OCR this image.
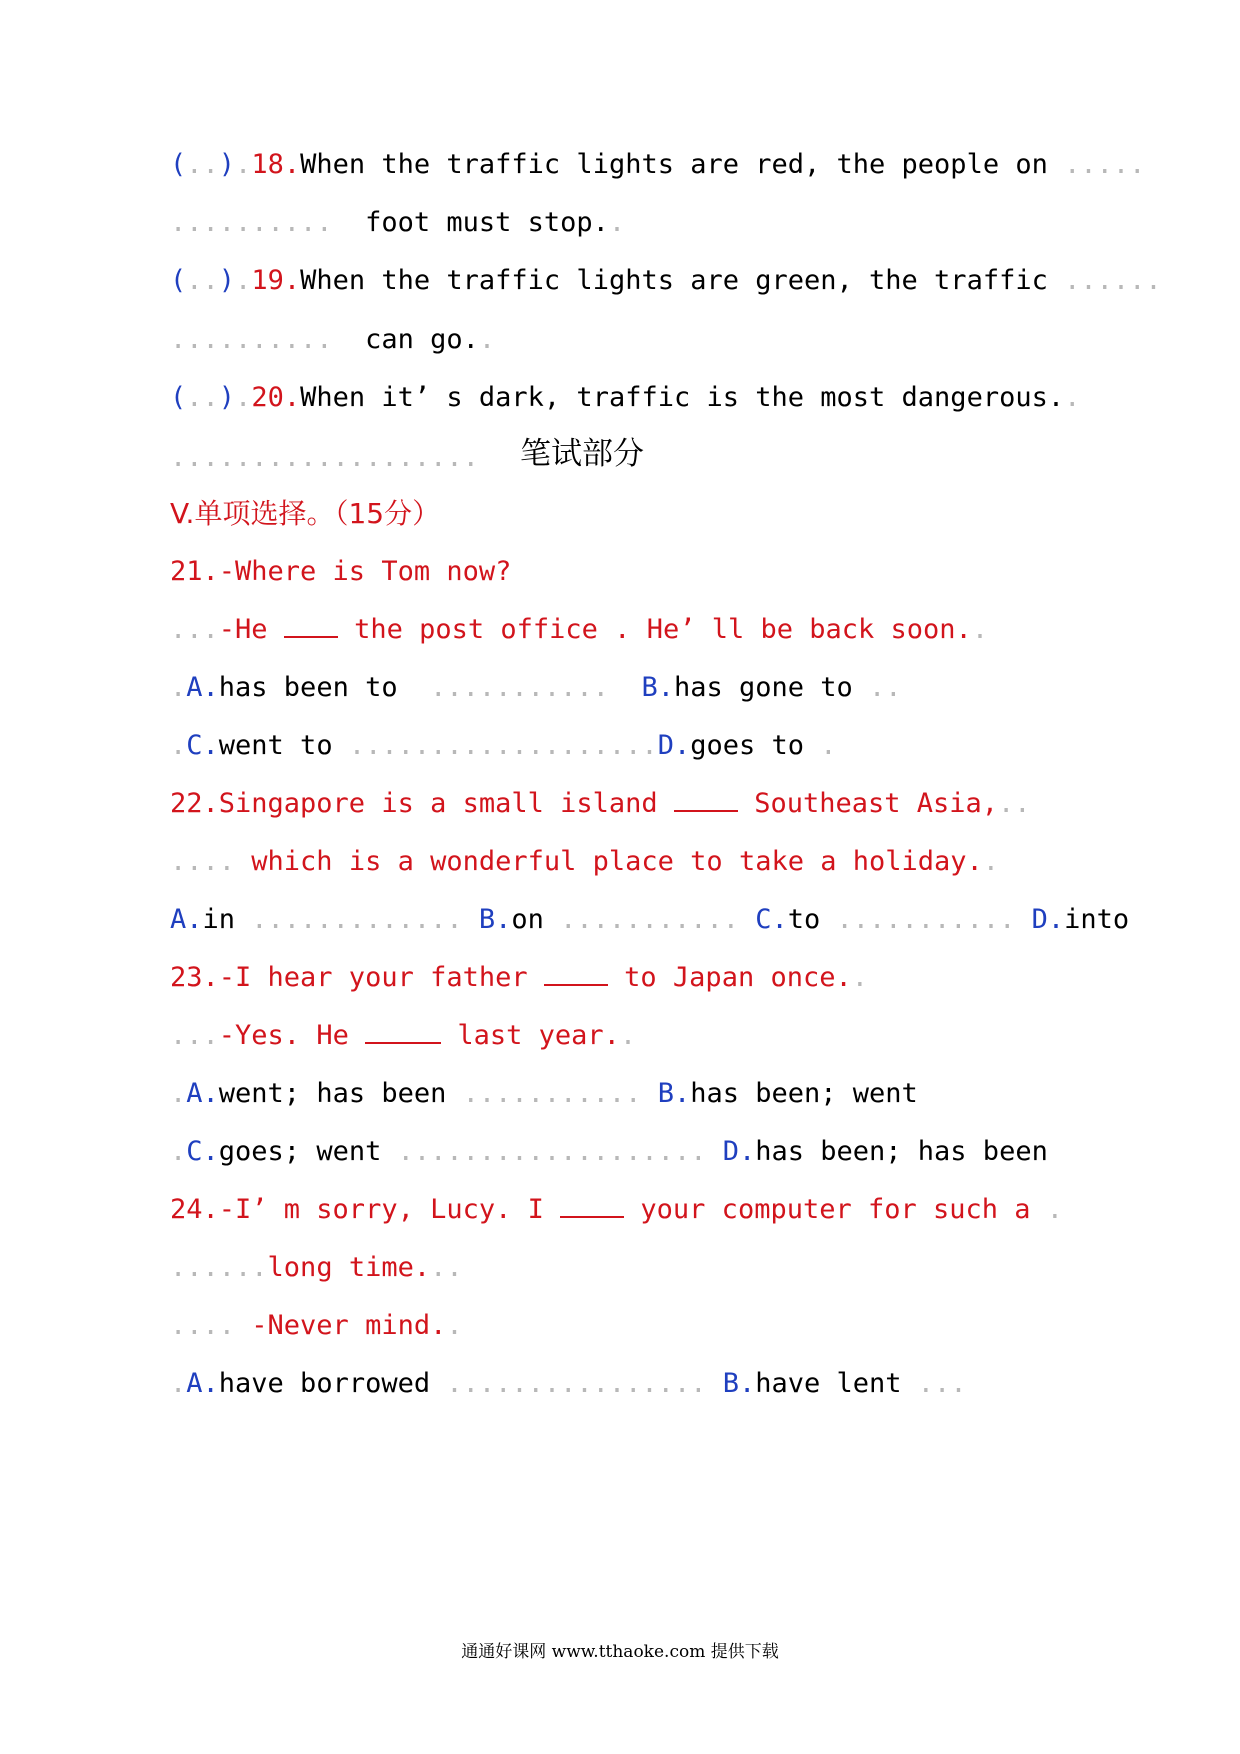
(..).18.When the traffic lights are red, the people on .....
..........  foot must stop..
(..).19.When the traffic lights are green, the traffic ......
..........  can go..
(..).20.When it’ s dark, traffic is the most dangerous..
................... 笔试部分
V.单项选择。（15分）
21.-Where is Tom now?
...-He	the post office . He’ ll be back soon..
.A.has been to  ...........  B.has gone to ..
.C.went to ...................D.goes to .
22.Singapore is a small island	Southeast Asia,..
.... which is a wonderful place to take a holiday..
A.in ............. B.on ........... C.to ........... D.into
23.-I hear your father	to Japan once..
...-Yes. He	last year..
.A.went; has been ........... B.has been; went
.C.goes; went ................... D.has been; has been
24.-I’ m sorry, Lucy. I	your computer for such a .
......long time...
.... -Never mind..
.A.have borrowed ................ B.have lent ...
通通好课网 www.tthaoke.com 提供下载
